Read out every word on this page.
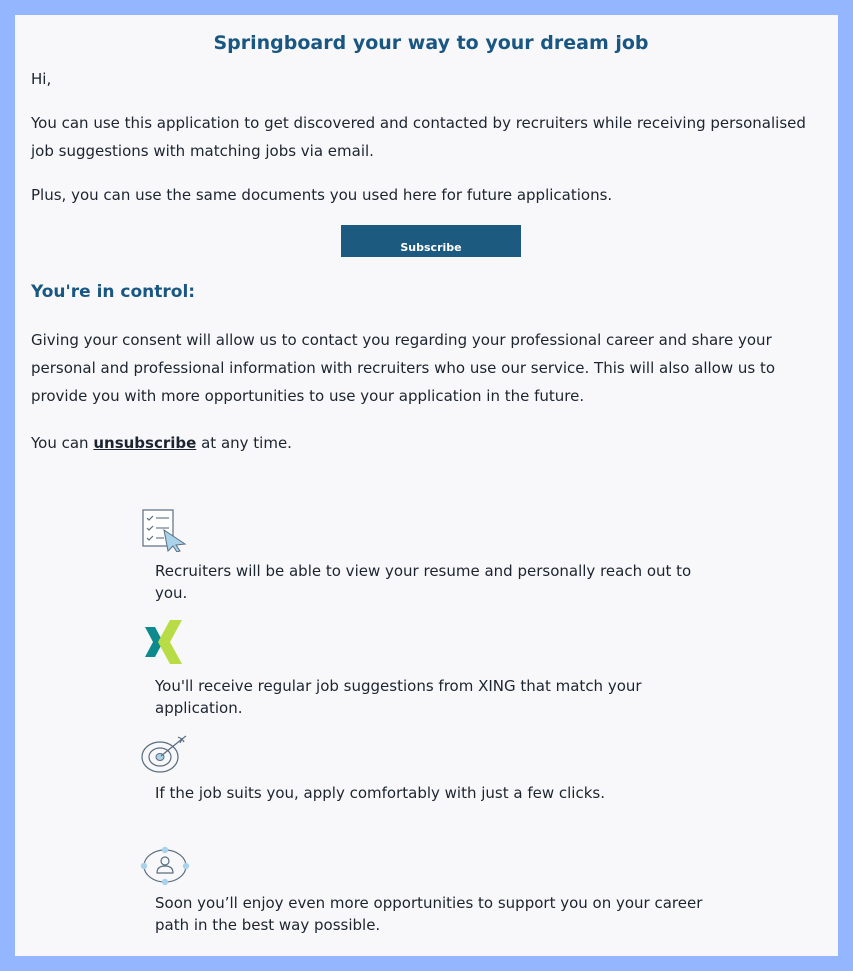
Springboard your way to your dream job
Hi,
You can use this application to get discovered and contacted by recruiters while receiving personalised job suggestions with matching jobs via email.
Plus, you can use the same documents you used here for future applications.
Subscribe
You're in control:
Giving your consent will allow us to contact you regarding your professional career and share your personal and professional information with recruiters who use our service. This will also allow us to provide you with more opportunities to use your application in the future.
You can unsubscribe at any time.
Recruiters will be able to view your resume and personally reach out to you.
You'll receive regular job suggestions from XING that match your application.
If the job suits you, apply comfortably with just a few clicks.
Soon you’ll enjoy even more opportunities to support you on your career path in the best way possible.
